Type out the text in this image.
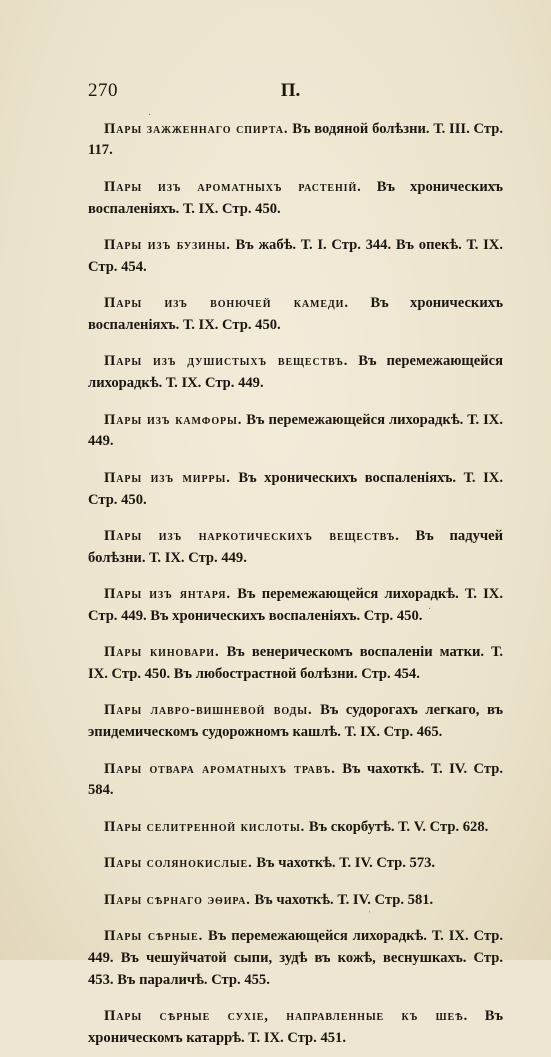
270	П.

Пары зажженнаго спирта. Въ водяной болѣзни. Т. III. Стр. 117.

Пары изъ ароматныхъ растеній. Въ хроническихъ воспаленіяхъ. Т. IX. Стр. 450.

Пары изъ бузины. Въ жабѣ. Т. I. Стр. 344. Въ опекѣ. Т. IX. Стр. 454.

Пары изъ вонючей камеди. Въ хроническихъ воспаленіяхъ. Т. IX. Стр. 450.

Пары изъ душистыхъ веществъ. Въ перемежающейся лихорадкѣ. Т. IX. Стр. 449.

Пары изъ камфоры. Въ перемежающейся лихорадкѣ. Т. IX. 449.

Пары изъ мирры. Въ хроническихъ воспаленіяхъ. Т. IX. Стр. 450.

Пары изъ наркотическихъ веществъ. Въ падучей болѣзни. Т. IX. Стр. 449.

Пары изъ янтаря. Въ перемежающейся лихорадкѣ. Т. IX. Стр. 449. Въ хроническихъ воспаленіяхъ. Стр. 450.

Пары киновари. Въ венерическомъ воспаленіи матки. Т. IX. Стр. 450. Въ любострастной болѣзни. Стр. 454.

Пары лавро-вишневой воды. Въ судорогахъ легкаго, въ эпидемическомъ судорожномъ кашлѣ. Т. IX. Стр. 465.

Пары отвара ароматныхъ травъ. Въ чахоткѣ. Т. IV. Стр. 584.

Пары селитренной кислоты. Въ скорбутѣ. Т. V. Стр. 628.

Пары солянокислые. Въ чахоткѣ. Т. IV. Стр. 573.

Пары сѣрнаго эѳира. Въ чахоткѣ. Т. IV. Стр. 581.

Пары сѣрные. Въ перемежающейся лихорадкѣ. Т. IX. Стр. 449. Въ чешуйчатой сыпи, зудѣ въ кожѣ, веснушкахъ. Стр. 453. Въ параличѣ. Стр. 455.

Пары сѣрные сухіе, направленные къ шеѣ. Въ хроническомъ катаррѣ. Т. IX. Стр. 451.

·
·
ˈ
